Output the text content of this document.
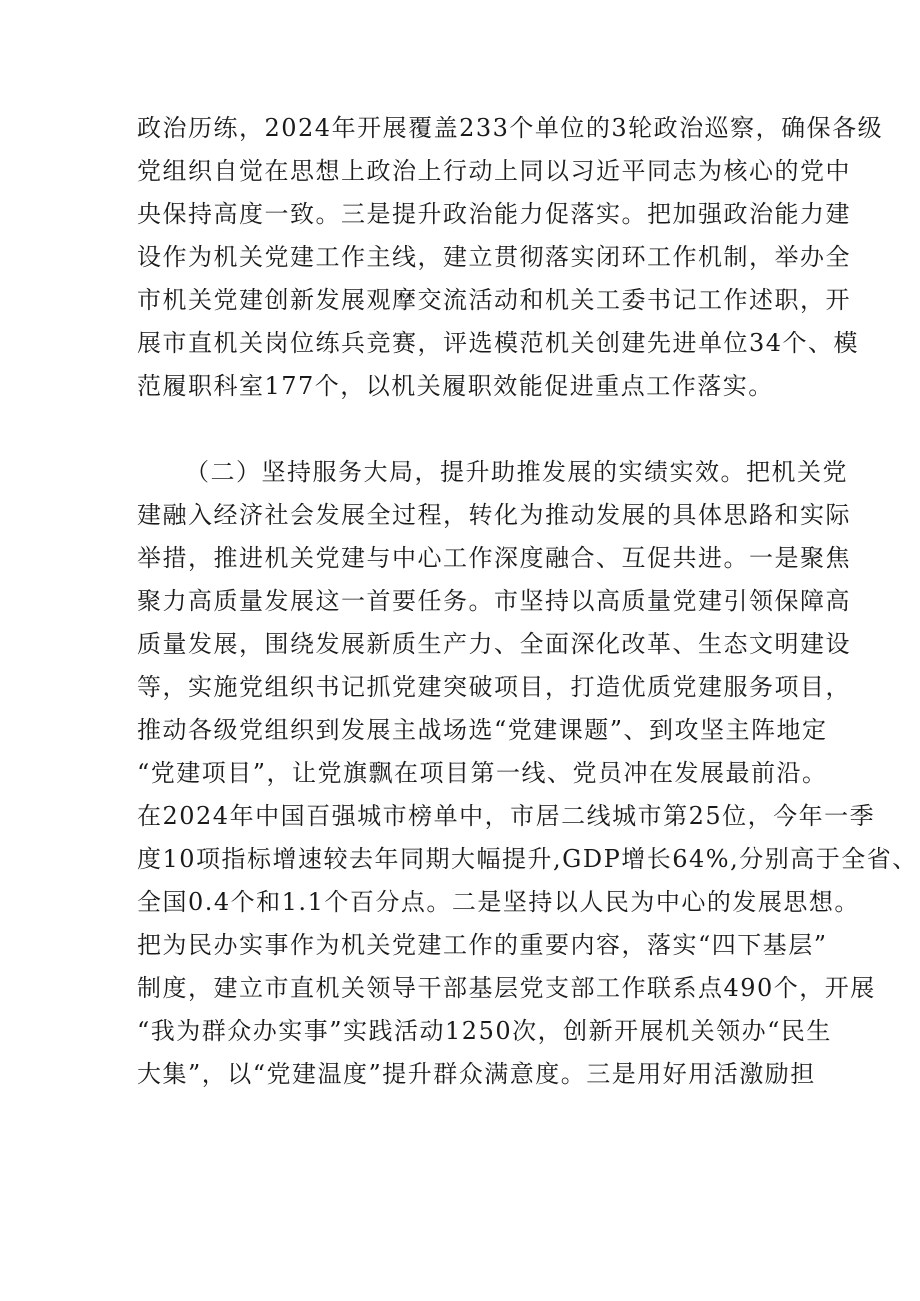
政治历练，2024年开展覆盖233个单位的3轮政治巡察，确保各级
党组织自觉在思想上政治上行动上同以习近平同志为核心的党中
央保持高度一致。三是提升政治能力促落实。把加强政治能力建
设作为机关党建工作主线，建立贯彻落实闭环工作机制，举办全
市机关党建创新发展观摩交流活动和机关工委书记工作述职，开
展市直机关岗位练兵竞赛，评选模范机关创建先进单位34个、模
范履职科室177个，以机关履职效能促进重点工作落实。
（二）坚持服务大局，提升助推发展的实绩实效。把机关党
建融入经济社会发展全过程，转化为推动发展的具体思路和实际
举措，推进机关党建与中心工作深度融合、互促共进。一是聚焦
聚力高质量发展这一首要任务。市坚持以高质量党建引领保障高
质量发展，围绕发展新质生产力、全面深化改革、生态文明建设
等，实施党组织书记抓党建突破项目，打造优质党建服务项目，
推动各级党组织到发展主战场选“党建课题”、到攻坚主阵地定
“党建项目”，让党旗飘在项目第一线、党员冲在发展最前沿。
在2024年中国百强城市榜单中，市居二线城市第25位，今年一季
度10项指标增速较去年同期大幅提升,GDP增长64%,分别高于全省、
全国0.4个和1.1个百分点。二是坚持以人民为中心的发展思想。
把为民办实事作为机关党建工作的重要内容，落实“四下基层”
制度，建立市直机关领导干部基层党支部工作联系点490个，开展
“我为群众办实事”实践活动1250次，创新开展机关领办“民生
大集”，以“党建温度”提升群众满意度。三是用好用活激励担
